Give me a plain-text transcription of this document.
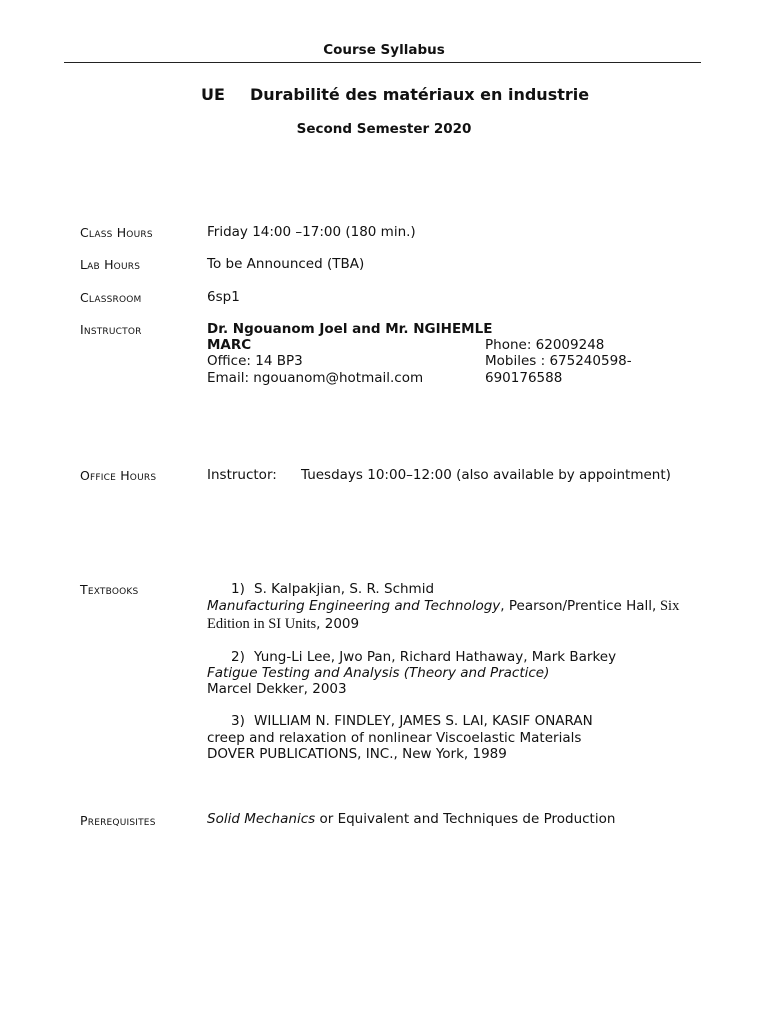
Course Syllabus
UE Durabilité des matériaux en industrie
Second Semester 2020
Class Hours	Friday 14:00 –17:00 (180 min.)
Lab Hours	To be Announced (TBA)
Classroom	6sp1
Instructor	Dr. Ngouanom Joel and Mr. NGIHEMLE
MARC
Office: 14 BP3
Email: ngouanom@hotmail.com
Phone: 62009248
Mobiles : 675240598-
690176588
Office Hours	Instructor: Tuesdays 10:00–12:00 (also available by appointment)
Textbooks	1) S. Kalpakjian, S. R. Schmid
Manufacturing Engineering and Technology, Pearson/Prentice Hall, Six
Edition in SI Units, 2009
2) Yung-Li Lee, Jwo Pan, Richard Hathaway, Mark Barkey
Fatigue Testing and Analysis (Theory and Practice)
Marcel Dekker, 2003
3) WILLIAM N. FINDLEY, JAMES S. LAI, KASIF ONARAN
creep and relaxation of nonlinear Viscoelastic Materials
DOVER PUBLICATIONS, INC., New York, 1989
Prerequisites	Solid Mechanics or Equivalent and Techniques de Production
